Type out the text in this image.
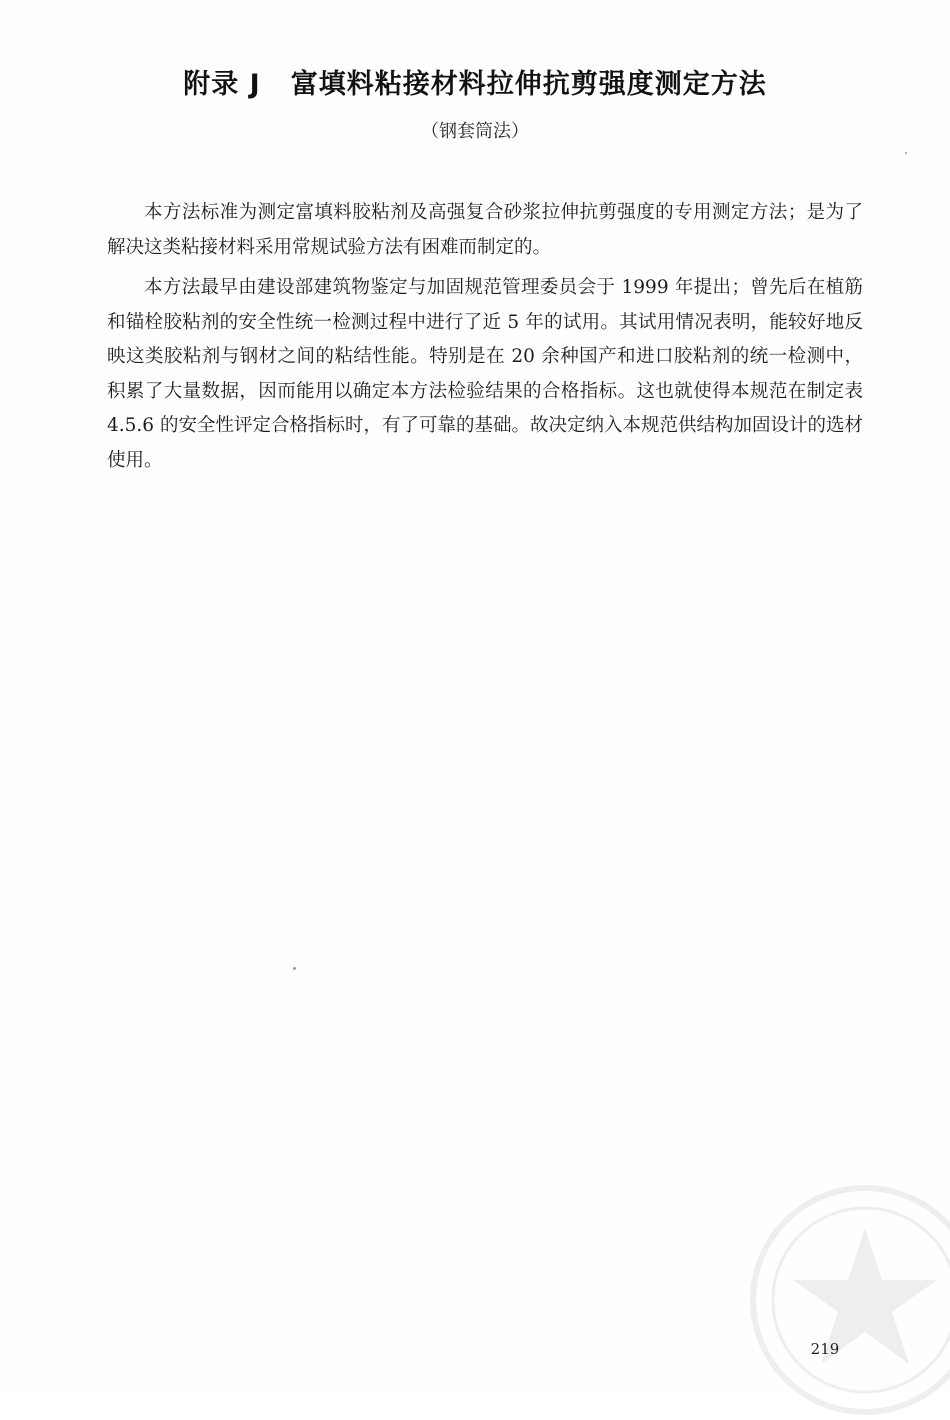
附录 J 富填料粘接材料拉伸抗剪强度测定方法
（钢套筒法）

本方法标准为测定富填料胶粘剂及高强复合砂浆拉伸抗剪强度的专用测定方法；是为了解决这类粘接材料采用常规试验方法有困难而制定的。

本方法最早由建设部建筑物鉴定与加固规范管理委员会于 1999 年提出；曾先后在植筋和锚栓胶粘剂的安全性统一检测过程中进行了近 5 年的试用。其试用情况表明，能较好地反映这类胶粘剂与钢材之间的粘结性能。特别是在 20 余种国产和进口胶粘剂的统一检测中，积累了大量数据，因而能用以确定本方法检验结果的合格指标。这也就使得本规范在制定表 4.5.6 的安全性评定合格指标时，有了可靠的基础。故决定纳入本规范供结构加固设计的选材使用。

219
